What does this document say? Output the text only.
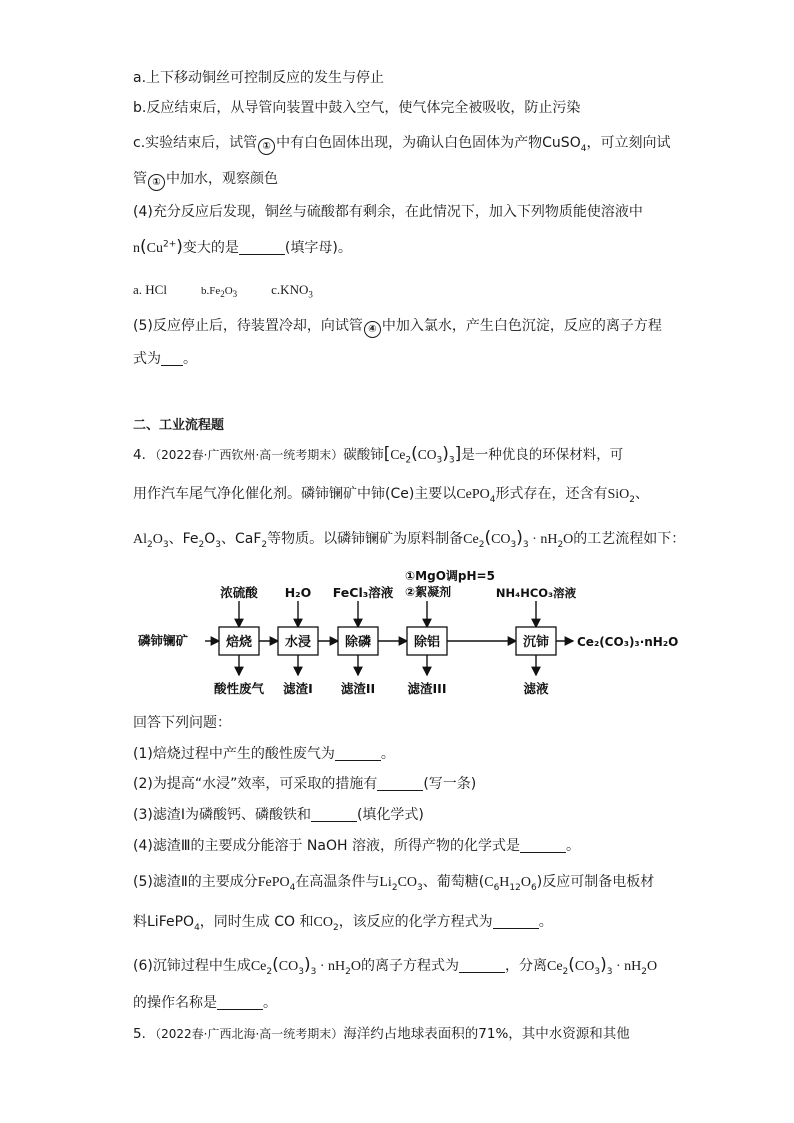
a.上下移动铜丝可控制反应的发生与停止
b.反应结束后，从导管向装置中鼓入空气，使气体完全被吸收，防止污染
c.实验结束后，试管 ① 中有白色固体出现，为确认白色固体为产物CuSO$_4$，可立刻向试
管 ① 中加水，观察颜色
(4)充分反应后发现，铜丝与硫酸都有剩余，在此情况下，加入下列物质能使溶液中
$n(Cu^{2+})$变大的是	(填字母)。
a. HCl	$b.Fe_2O_3$	$c.KNO_3$
(5)反应停止后，待装置冷却，向试管 ④ 中加入氯水，产生白色沉淀，反应的离子方程
式为 。
二、工业流程题
4．（2022春·广西钦州·高一统考期末）碳酸铈$[Ce_2(CO_3)_3]$是一种优良的环保材料，可
用作汽车尾气净化催化剂。磷铈镧矿中铈(Ce)主要以CePO$_4$形式存在，还含有SiO$_2$、
$Al_2O_3$、$Fe_2O_3$、CaF$_2$等物质。以磷铈镧矿为原料制备$Ce_2(CO_3)_3 \cdot nH_2O$的工艺流程如下：
焙烧	水浸	除磷	除铝	沉铈
磷铈镧矿	Ce₂(CO₃)₃·nH₂O
浓硫酸 H₂O FeCl₃溶液	NH₄HCO₃溶液
①MgO调pH=5
②絮凝剂
酸性废气 滤渣I 滤渣II	滤渣III	滤液
回答下列问题：
(1)焙烧过程中产生的酸性废气为	。
(2)为提高“水浸”效率，可采取的措施有	(写一条)
(3)滤渣Ⅰ为磷酸钙、磷酸铁和	(填化学式)
(4)滤渣Ⅲ的主要成分能溶于 NaOH 溶液，所得产物的化学式是	。
(5)滤渣Ⅱ的主要成分FePO$_4$在高温条件与$Li_2CO_3$、葡萄糖$(C_6H_{12}O_6)$反应可制备电板材
料LiFePO$_4$，同时生成 CO 和$CO_2$，该反应的化学方程式为	。
(6)沉铈过程中生成$Ce_2(CO_3)_3 \cdot nH_2O$的离子方程式为	，分离$Ce_2(CO_3)_3 \cdot nH_2O$
的操作名称是	。
5．（2022春·广西北海·高一统考期末）海洋约占地球表面积的71%，其中水资源和其他
